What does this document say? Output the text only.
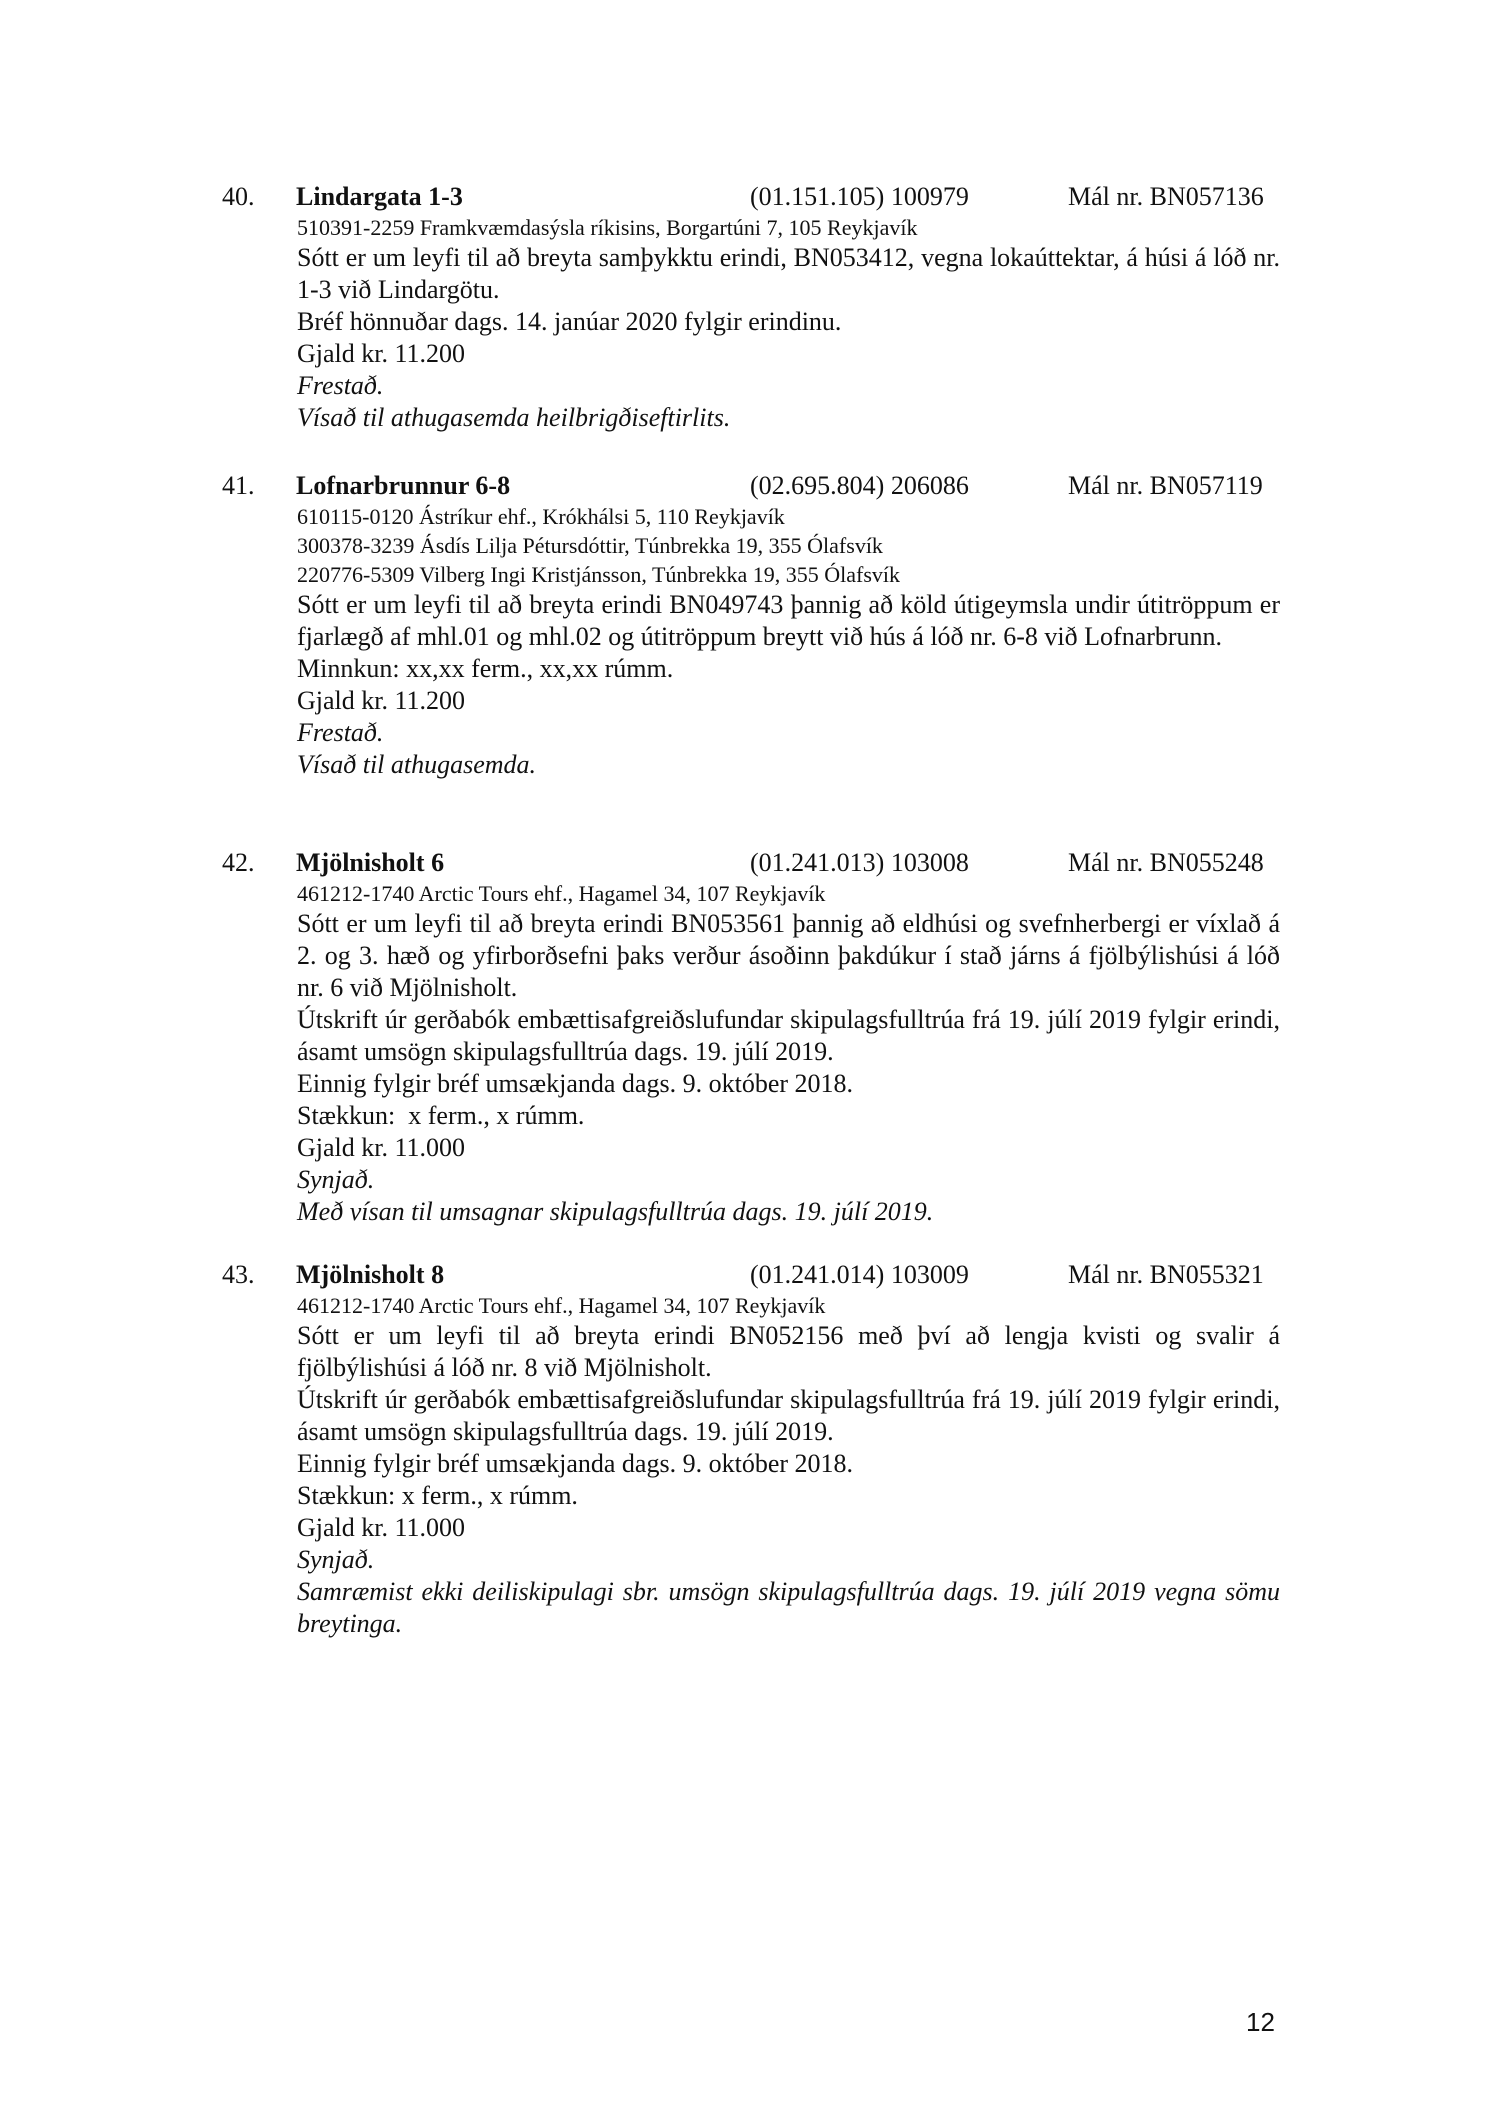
40. Lindargata 1-3	(01.151.105) 100979	Mál nr. BN057136
510391-2259 Framkvæmdasýsla ríkisins, Borgartúni 7, 105 Reykjavík
Sótt er um leyfi til að breyta samþykktu erindi, BN053412, vegna lokaúttektar, á húsi á lóð nr. 1-3 við Lindargötu.
Bréf hönnuðar dags. 14. janúar 2020 fylgir erindinu.
Gjald kr. 11.200
Frestað.
Vísað til athugasemda heilbrigðiseftirlits.
41. Lofnarbrunnur 6-8	(02.695.804) 206086	Mál nr. BN057119
610115-0120 Ástríkur ehf., Krókhálsi 5, 110 Reykjavík
300378-3239 Ásdís Lilja Pétursdóttir, Túnbrekka 19, 355 Ólafsvík
220776-5309 Vilberg Ingi Kristjánsson, Túnbrekka 19, 355 Ólafsvík
Sótt er um leyfi til að breyta erindi BN049743 þannig að köld útigeymsla undir útitröppum er fjarlægð af mhl.01 og mhl.02 og útitröppum breytt við hús á lóð nr. 6-8 við Lofnarbrunn.
Minnkun: xx,xx ferm., xx,xx rúmm.
Gjald kr. 11.200
Frestað.
Vísað til athugasemda.
42. Mjölnisholt 6	(01.241.013) 103008	Mál nr. BN055248
461212-1740 Arctic Tours ehf., Hagamel 34, 107 Reykjavík
Sótt er um leyfi til að breyta erindi BN053561 þannig að eldhúsi og svefnherbergi er víxlað á 2. og 3. hæð og yfirborðsefni þaks verður ásoðinn þakdúkur í stað járns á fjölbýlishúsi á lóð nr. 6 við Mjölnisholt.
Útskrift úr gerðabók embættisafgreiðslufundar skipulagsfulltrúa frá 19. júlí 2019 fylgir erindi, ásamt umsögn skipulagsfulltrúa dags. 19. júlí 2019.
Einnig fylgir bréf umsækjanda dags. 9. október 2018.
Stækkun:  x ferm., x rúmm.
Gjald kr. 11.000
Synjað.
Með vísan til umsagnar skipulagsfulltrúa dags. 19. júlí 2019.
43. Mjölnisholt 8	(01.241.014) 103009	Mál nr. BN055321
461212-1740 Arctic Tours ehf., Hagamel 34, 107 Reykjavík
Sótt er um leyfi til að breyta erindi BN052156 með því að lengja kvisti og svalir á fjölbýlishúsi á lóð nr. 8 við Mjölnisholt.
Útskrift úr gerðabók embættisafgreiðslufundar skipulagsfulltrúa frá 19. júlí 2019 fylgir erindi, ásamt umsögn skipulagsfulltrúa dags. 19. júlí 2019.
Einnig fylgir bréf umsækjanda dags. 9. október 2018.
Stækkun: x ferm., x rúmm.
Gjald kr. 11.000
Synjað.
Samræmist ekki deiliskipulagi sbr. umsögn skipulagsfulltrúa dags. 19. júlí 2019 vegna sömu breytinga.
12
